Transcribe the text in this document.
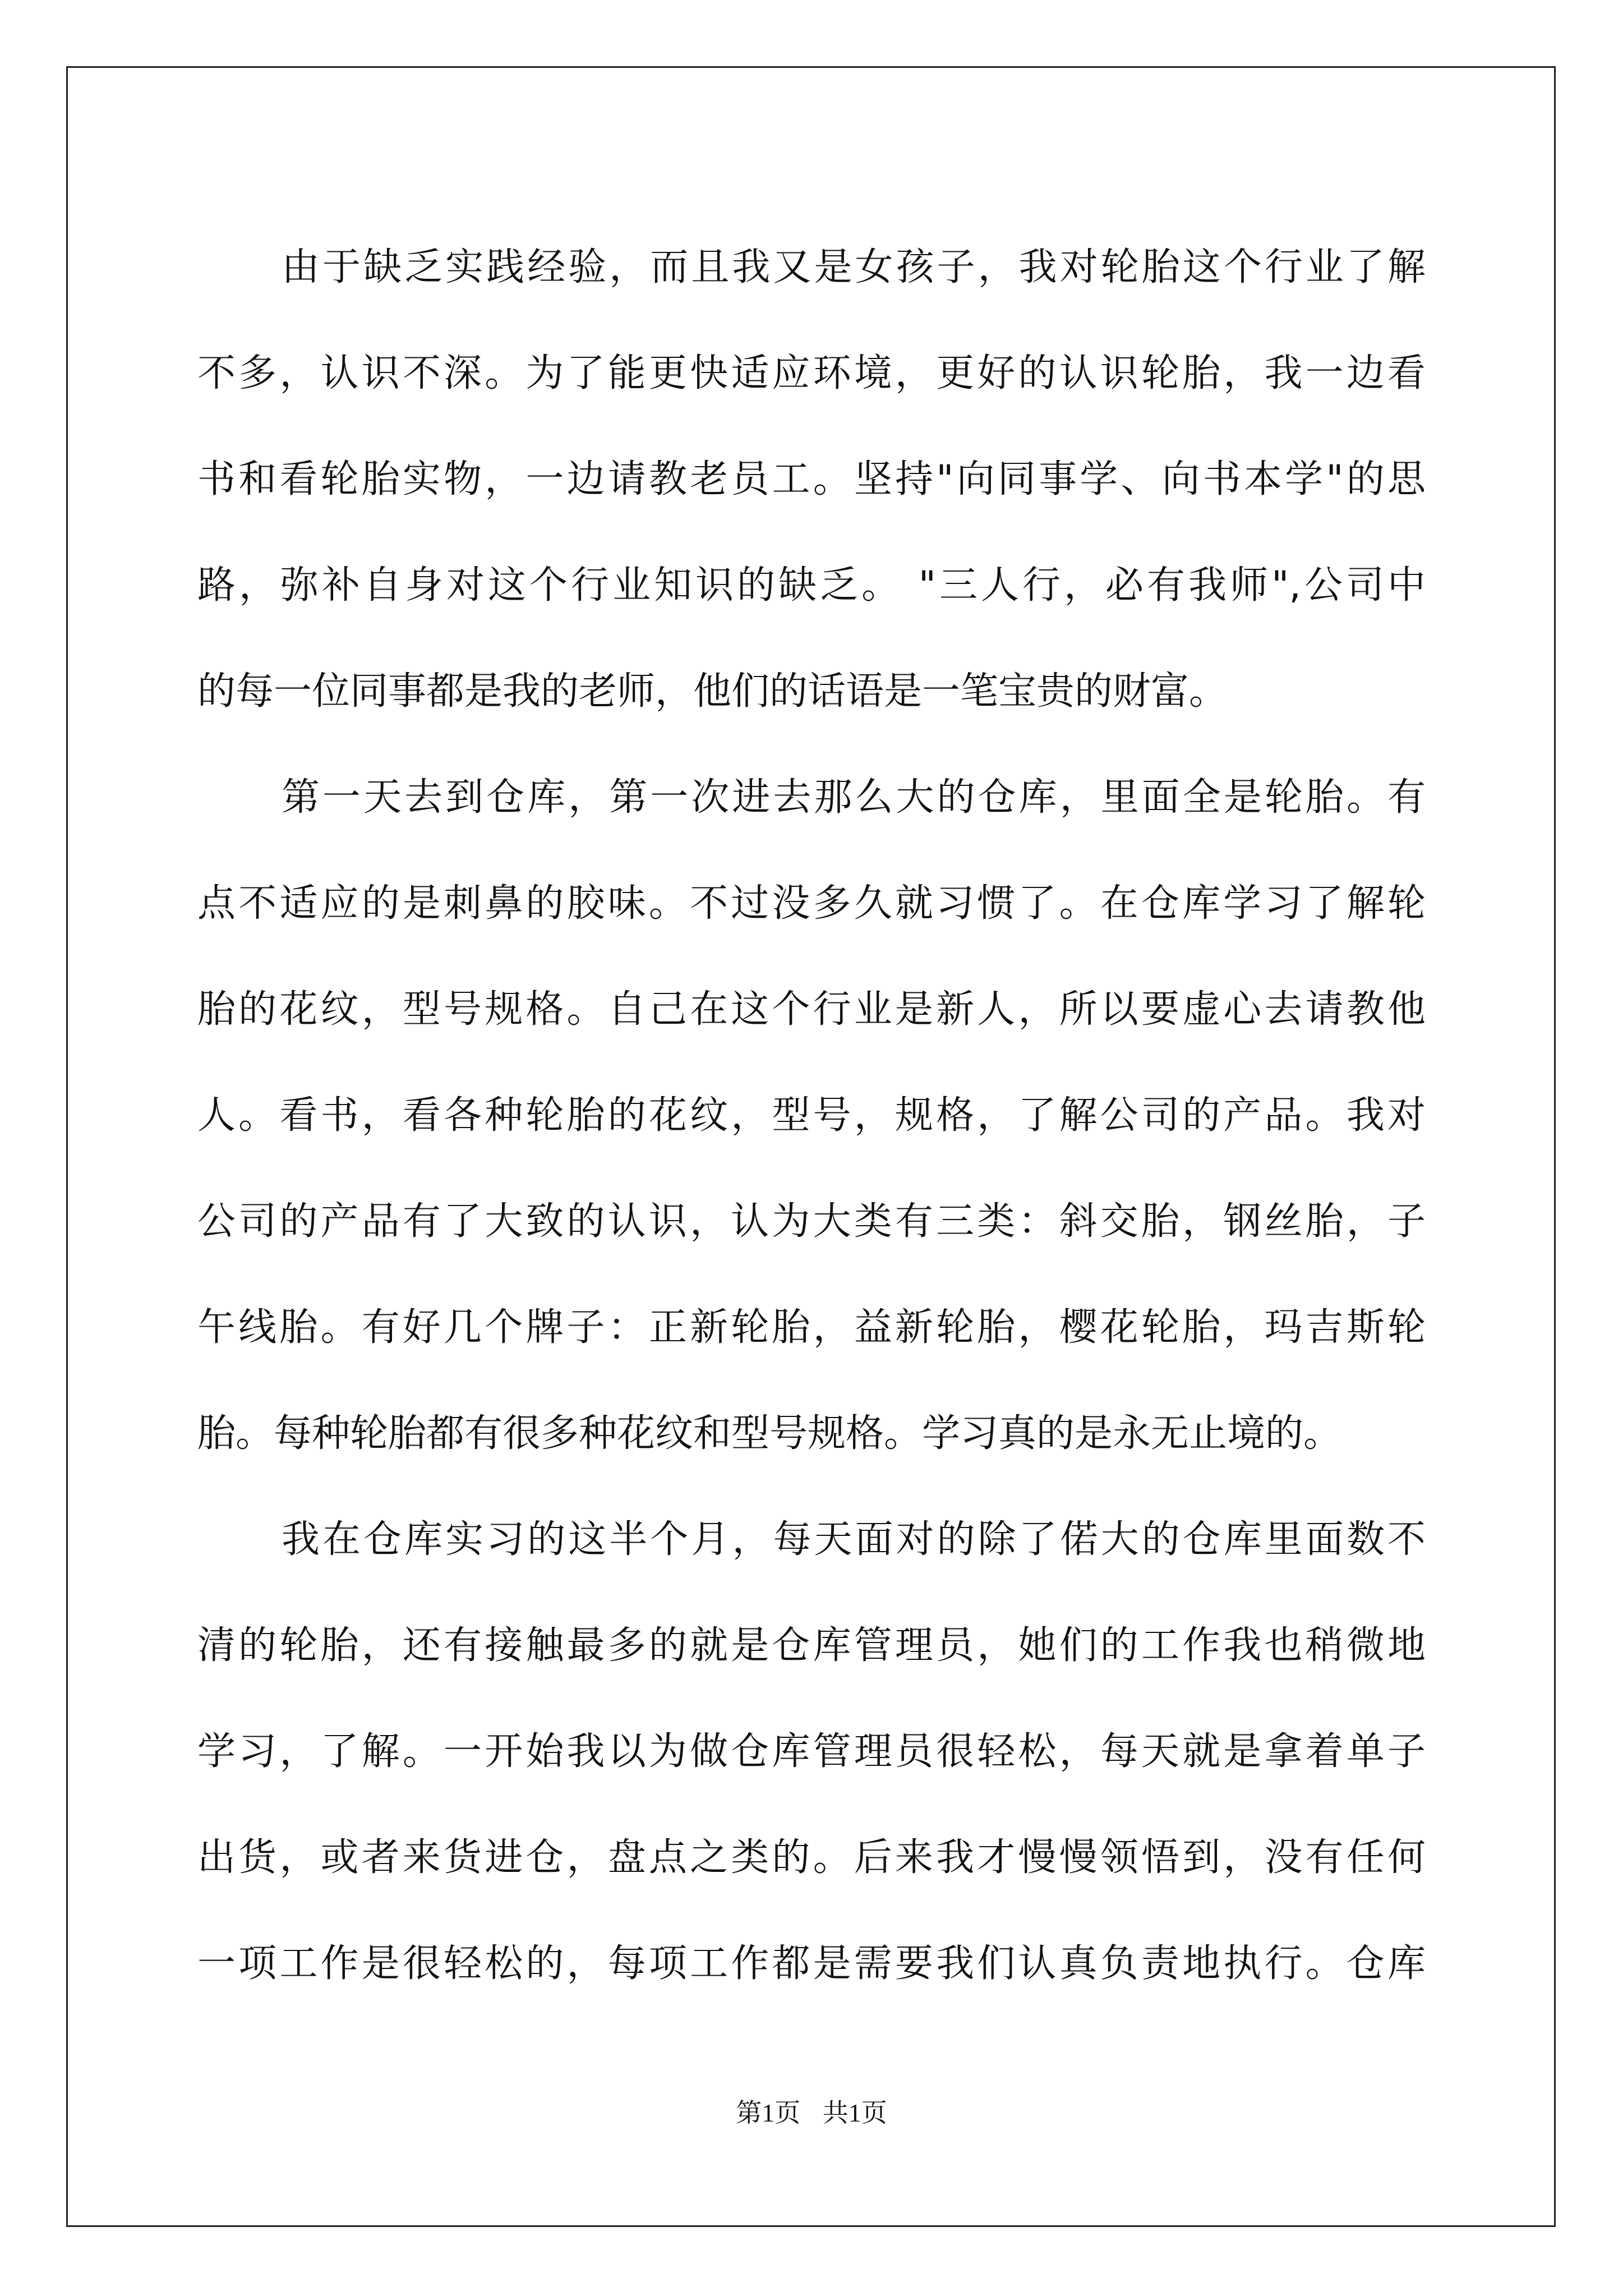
由于缺乏实践经验，而且我又是女孩子，我对轮胎这个行业了解
不多，认识不深。为了能更快适应环境，更好的认识轮胎，我一边看
书和看轮胎实物，一边请教老员工。坚持"向同事学、向书本学"的思
路，弥补自身对这个行业知识的缺乏。 "三人行，必有我师",公司中
的每一位同事都是我的老师，他们的话语是一笔宝贵的财富。
第一天去到仓库，第一次进去那么大的仓库，里面全是轮胎。有
点不适应的是刺鼻的胶味。不过没多久就习惯了。在仓库学习了解轮
胎的花纹，型号规格。自己在这个行业是新人，所以要虚心去请教他
人。看书，看各种轮胎的花纹，型号，规格，了解公司的产品。我对
公司的产品有了大致的认识，认为大类有三类：斜交胎，钢丝胎，子
午线胎。有好几个牌子：正新轮胎，益新轮胎，樱花轮胎，玛吉斯轮
胎。每种轮胎都有很多种花纹和型号规格。学习真的是永无止境的。
我在仓库实习的这半个月，每天面对的除了偌大的仓库里面数不
清的轮胎，还有接触最多的就是仓库管理员，她们的工作我也稍微地
学习，了解。一开始我以为做仓库管理员很轻松，每天就是拿着单子
出货，或者来货进仓，盘点之类的。后来我才慢慢领悟到，没有任何
一项工作是很轻松的，每项工作都是需要我们认真负责地执行。仓库
第1页 共1页
